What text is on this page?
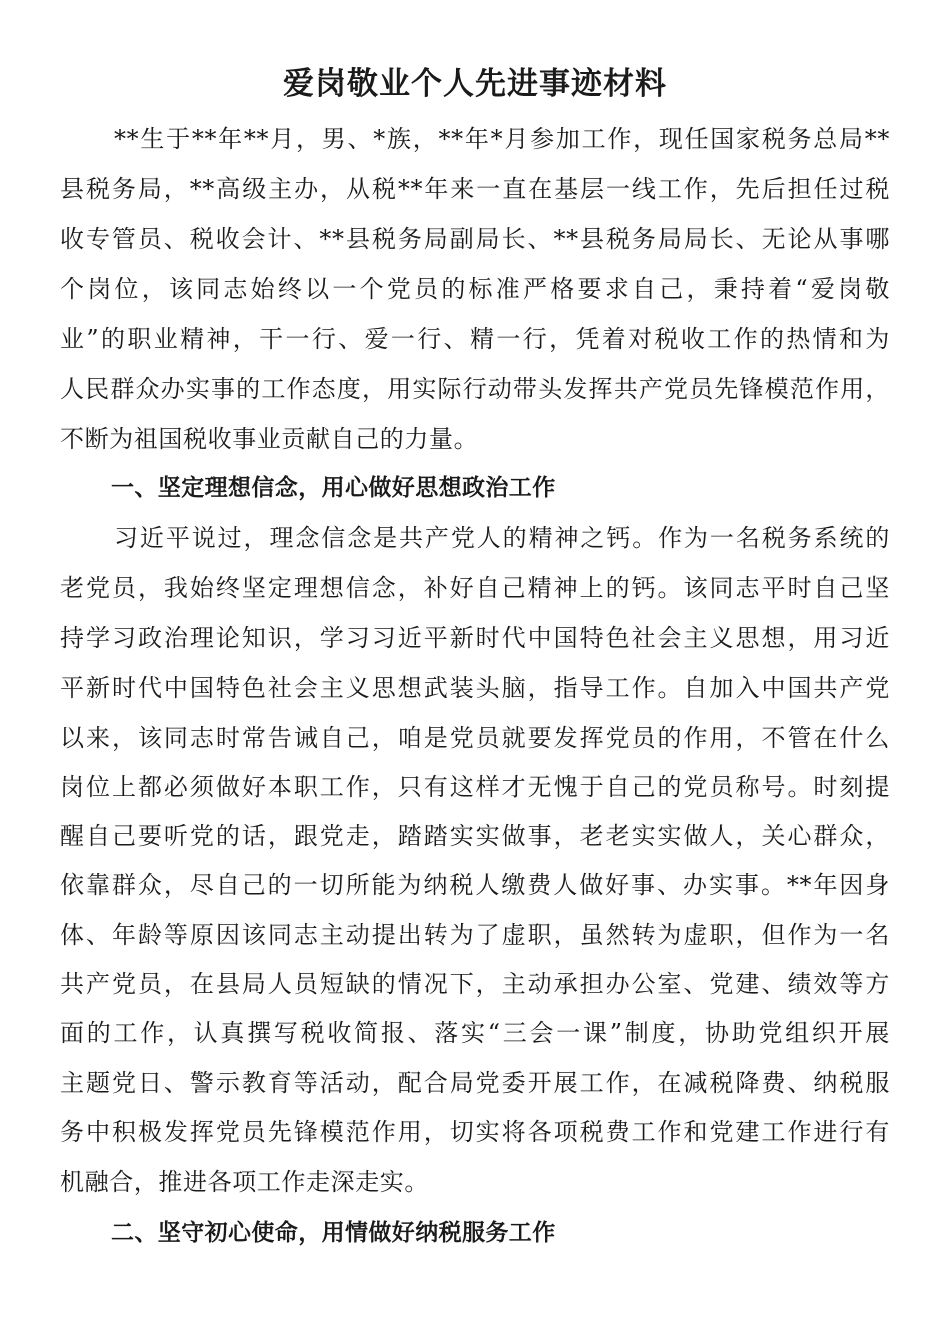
爱岗敬业个人先进事迹材料

**生于**年**月，男、*族，**年*月参加工作，现任国家税务总局**

县税务局，**高级主办，从税**年来一直在基层一线工作，先后担任过税

收专管员、税收会计、**县税务局副局长、**县税务局局长、无论从事哪

个岗位，该同志始终以一个党员的标准严格要求自己，秉持着“爱岗敬

业”的职业精神，干一行、爱一行、精一行，凭着对税收工作的热情和为

人民群众办实事的工作态度，用实际行动带头发挥共产党员先锋模范作用，

不断为祖国税收事业贡献自己的力量。

一、坚定理想信念，用心做好思想政治工作

习近平说过，理念信念是共产党人的精神之钙。作为一名税务系统的

老党员，我始终坚定理想信念，补好自己精神上的钙。该同志平时自己坚

持学习政治理论知识，学习习近平新时代中国特色社会主义思想，用习近

平新时代中国特色社会主义思想武装头脑，指导工作。自加入中国共产党

以来，该同志时常告诫自己，咱是党员就要发挥党员的作用，不管在什么

岗位上都必须做好本职工作，只有这样才无愧于自己的党员称号。时刻提

醒自己要听党的话，跟党走，踏踏实实做事，老老实实做人，关心群众，

依靠群众，尽自己的一切所能为纳税人缴费人做好事、办实事。**年因身

体、年龄等原因该同志主动提出转为了虚职，虽然转为虚职，但作为一名

共产党员，在县局人员短缺的情况下，主动承担办公室、党建、绩效等方

面的工作，认真撰写税收简报、落实“三会一课”制度，协助党组织开展

主题党日、警示教育等活动，配合局党委开展工作，在减税降费、纳税服

务中积极发挥党员先锋模范作用，切实将各项税费工作和党建工作进行有

机融合，推进各项工作走深走实。

二、坚守初心使命，用情做好纳税服务工作
